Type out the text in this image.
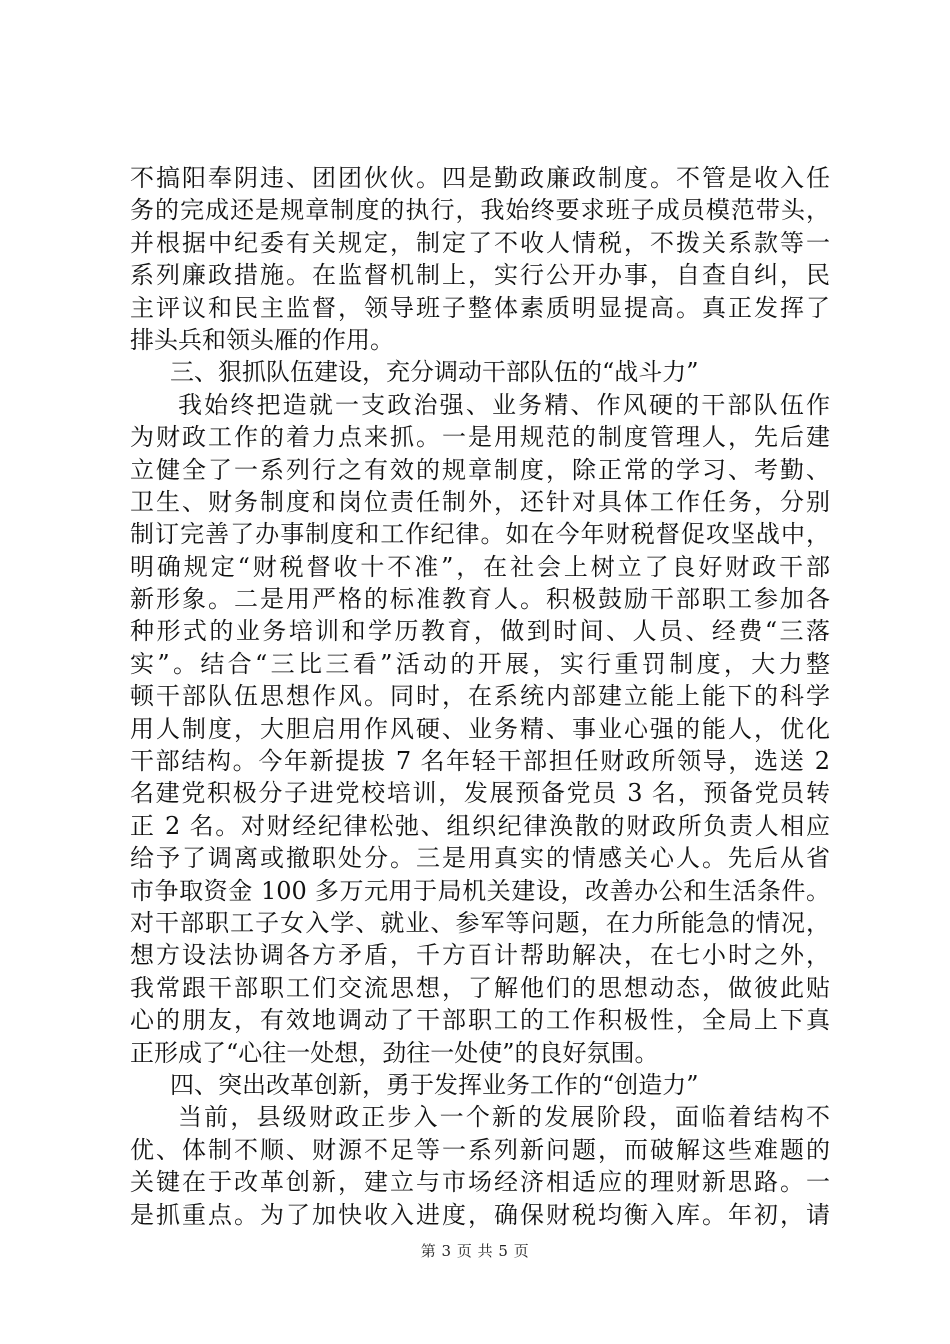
不搞阳奉阴违、团团伙伙。四是勤政廉政制度。不管是收入任
务的完成还是规章制度的执行，我始终要求班子成员模范带头，
并根据中纪委有关规定，制定了不收人情税，不拨关系款等一
系列廉政措施。在监督机制上，实行公开办事，自查自纠，民
主评议和民主监督，领导班子整体素质明显提高。真正发挥了
排头兵和领头雁的作用。
三、狠抓队伍建设，充分调动干部队伍的“战斗力”
我始终把造就一支政治强、业务精、作风硬的干部队伍作
为财政工作的着力点来抓。一是用规范的制度管理人，先后建
立健全了一系列行之有效的规章制度，除正常的学习、考勤、
卫生、财务制度和岗位责任制外，还针对具体工作任务，分别
制订完善了办事制度和工作纪律。如在今年财税督促攻坚战中，
明确规定“财税督收十不准”，在社会上树立了良好财政干部
新形象。二是用严格的标准教育人。积极鼓励干部职工参加各
种形式的业务培训和学历教育，做到时间、人员、经费“三落
实”。结合“三比三看”活动的开展，实行重罚制度，大力整
顿干部队伍思想作风。同时，在系统内部建立能上能下的科学
用人制度，大胆启用作风硬、业务精、事业心强的能人，优化
干部结构。今年新提拔 7 名年轻干部担任财政所领导，选送 2
名建党积极分子进党校培训，发展预备党员 3 名，预备党员转
正 2 名。对财经纪律松弛、组织纪律涣散的财政所负责人相应
给予了调离或撤职处分。三是用真实的情感关心人。先后从省
市争取资金 100 多万元用于局机关建设，改善办公和生活条件。
对干部职工子女入学、就业、参军等问题，在力所能急的情况，
想方设法协调各方矛盾，千方百计帮助解决，在七小时之外，
我常跟干部职工们交流思想，了解他们的思想动态，做彼此贴
心的朋友，有效地调动了干部职工的工作积极性，全局上下真
正形成了“心往一处想，劲往一处使”的良好氛围。
四、突出改革创新，勇于发挥业务工作的“创造力”
当前，县级财政正步入一个新的发展阶段，面临着结构不
优、体制不顺、财源不足等一系列新问题，而破解这些难题的
关键在于改革创新，建立与市场经济相适应的理财新思路。一
是抓重点。为了加快收入进度，确保财税均衡入库。年初，请
第 3 页 共 5 页
